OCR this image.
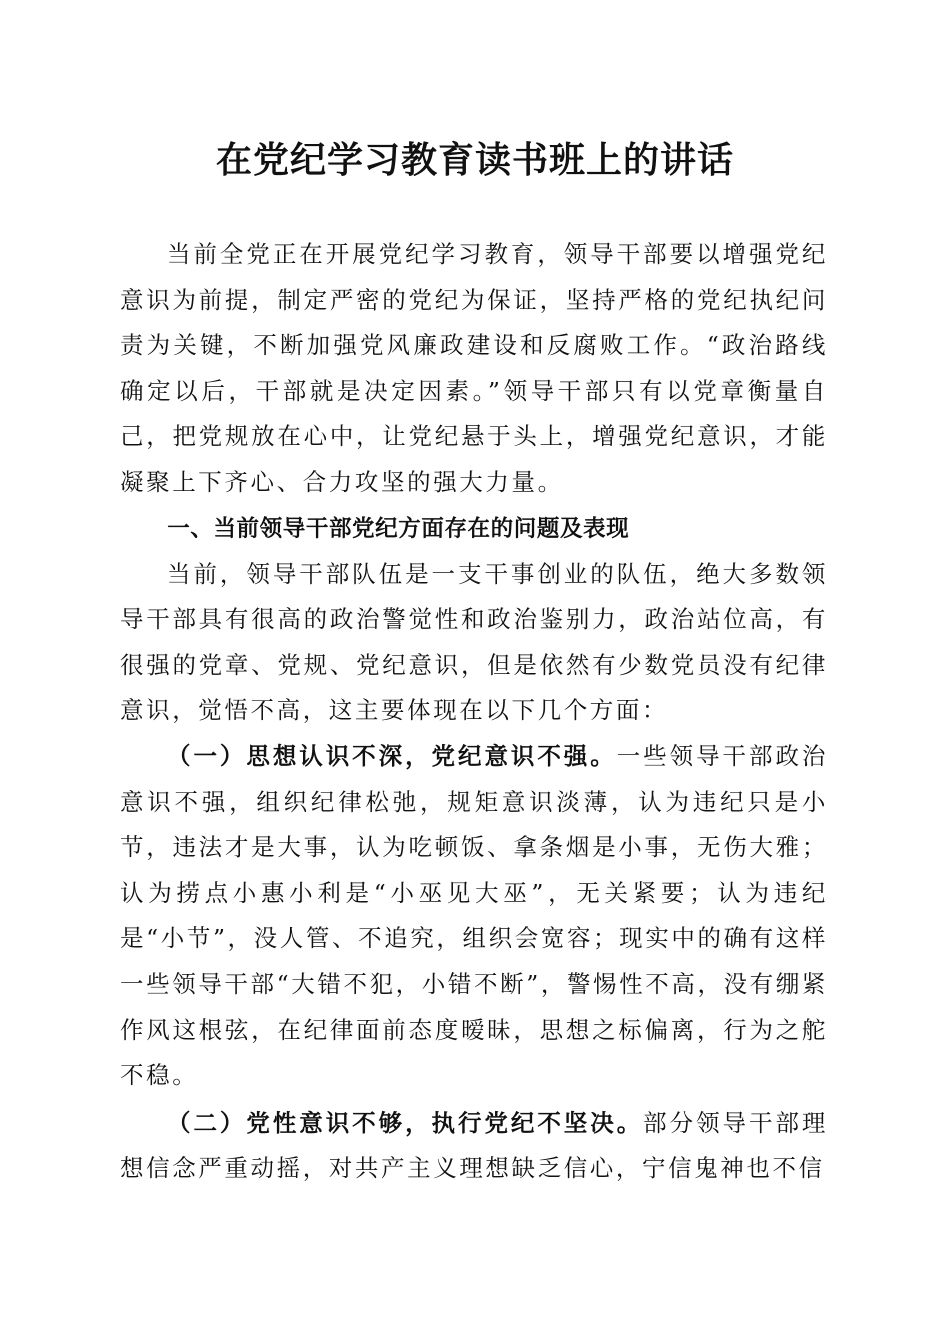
在党纪学习教育读书班上的讲话

当前全党正在开展党纪学习教育，领导干部要以增强党纪意识为前提，制定严密的党纪为保证，坚持严格的党纪执纪问责为关键，不断加强党风廉政建设和反腐败工作。“政治路线确定以后，干部就是决定因素。”领导干部只有以党章衡量自己，把党规放在心中，让党纪悬于头上，增强党纪意识，才能凝聚上下齐心、合力攻坚的强大力量。

一、当前领导干部党纪方面存在的问题及表现

当前，领导干部队伍是一支干事创业的队伍，绝大多数领导干部具有很高的政治警觉性和政治鉴别力，政治站位高，有很强的党章、党规、党纪意识，但是依然有少数党员没有纪律意识，觉悟不高，这主要体现在以下几个方面：

（一）思想认识不深，党纪意识不强。一些领导干部政治意识不强，组织纪律松弛，规矩意识淡薄，认为违纪只是小节，违法才是大事，认为吃顿饭、拿条烟是小事，无伤大雅；认为捞点小惠小利是“小巫见大巫”，无关紧要；认为违纪是“小节”，没人管、不追究，组织会宽容；现实中的确有这样一些领导干部“大错不犯，小错不断”，警惕性不高，没有绷紧作风这根弦，在纪律面前态度暧昧，思想之标偏离，行为之舵不稳。

（二）党性意识不够，执行党纪不坚决。部分领导干部理想信念严重动摇，对共产主义理想缺乏信心，宁信鬼神也不信
